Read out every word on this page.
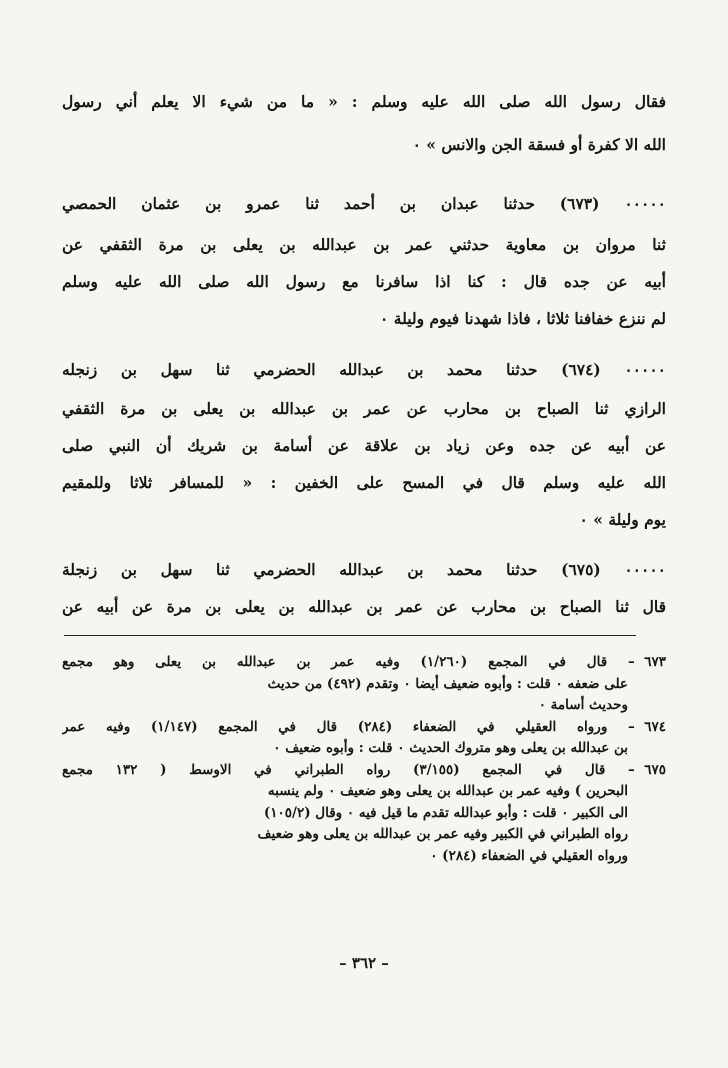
فقال رسول الله صلى الله عليه وسلم : « ما من شيء الا يعلم أني رسول
الله الا كفرة أو فسقة الجن والانس » ٠
٠٠٠٠٠ (٦٧٣) حدثنا عبدان بن أحمد ثنا عمرو بن عثمان الحمصي
ثنا مروان بن معاوية حدثني عمر بن عبدالله بن يعلى بن مرة الثقفي عن
أبيه عن جده قال : كنا اذا سافرنا مع رسول الله صلى الله عليه وسلم
لم ننزع خفافنا ثلاثا ، فاذا شهدنا فيوم وليلة ٠
٠٠٠٠٠ (٦٧٤) حدثنا محمد بن عبدالله الحضرمي ثنا سهل بن زنجله
الرازي ثنا الصباح بن محارب عن عمر بن عبدالله بن يعلى بن مرة الثقفي
عن أبيه عن جده وعن زياد بن علاقة عن أسامة بن شريك أن النبي صلى
الله عليه وسلم قال في المسح على الخفين : « للمسافر ثلاثا وللمقيم
يوم وليلة » ٠
٠٠٠٠٠ (٦٧٥) حدثنا محمد بن عبدالله الحضرمي ثنا سهل بن زنجلة
قال ثنا الصباح بن محارب عن عمر بن عبدالله بن يعلى بن مرة عن أبيه عن
٦٧٣ – قال في المجمع (١/٢٦٠) وفيه عمر بن عبدالله بن يعلى وهو مجمع
على ضعفه ٠ قلت : وأبوه ضعيف أيضا ٠ وتقدم (٤٩٢) من حديث
وحديث أسامة ٠
٦٧٤ – ورواه العقيلي في الضعفاء (٢٨٤) قال في المجمع (١/١٤٧) وفيه عمر
بن عبدالله بن يعلى وهو متروك الحديث ٠ قلت : وأبوه ضعيف ٠
٦٧٥ – قال في المجمع (٣/١٥٥) رواه الطبراني في الاوسط ( ١٣٢ مجمع
البحرين ) وفيه عمر بن عبدالله بن يعلى وهو ضعيف ٠ ولم ينسبه
الى الكبير ٠ قلت : وأبو عبدالله تقدم ما قيل فيه ٠ وقال (١٠٥/٢)
رواه الطبراني في الكبير وفيه عمر بن عبدالله بن يعلى وهو ضعيف
ورواه العقيلي في الضعفاء (٢٨٤) ٠
– ٣٦٢ –
